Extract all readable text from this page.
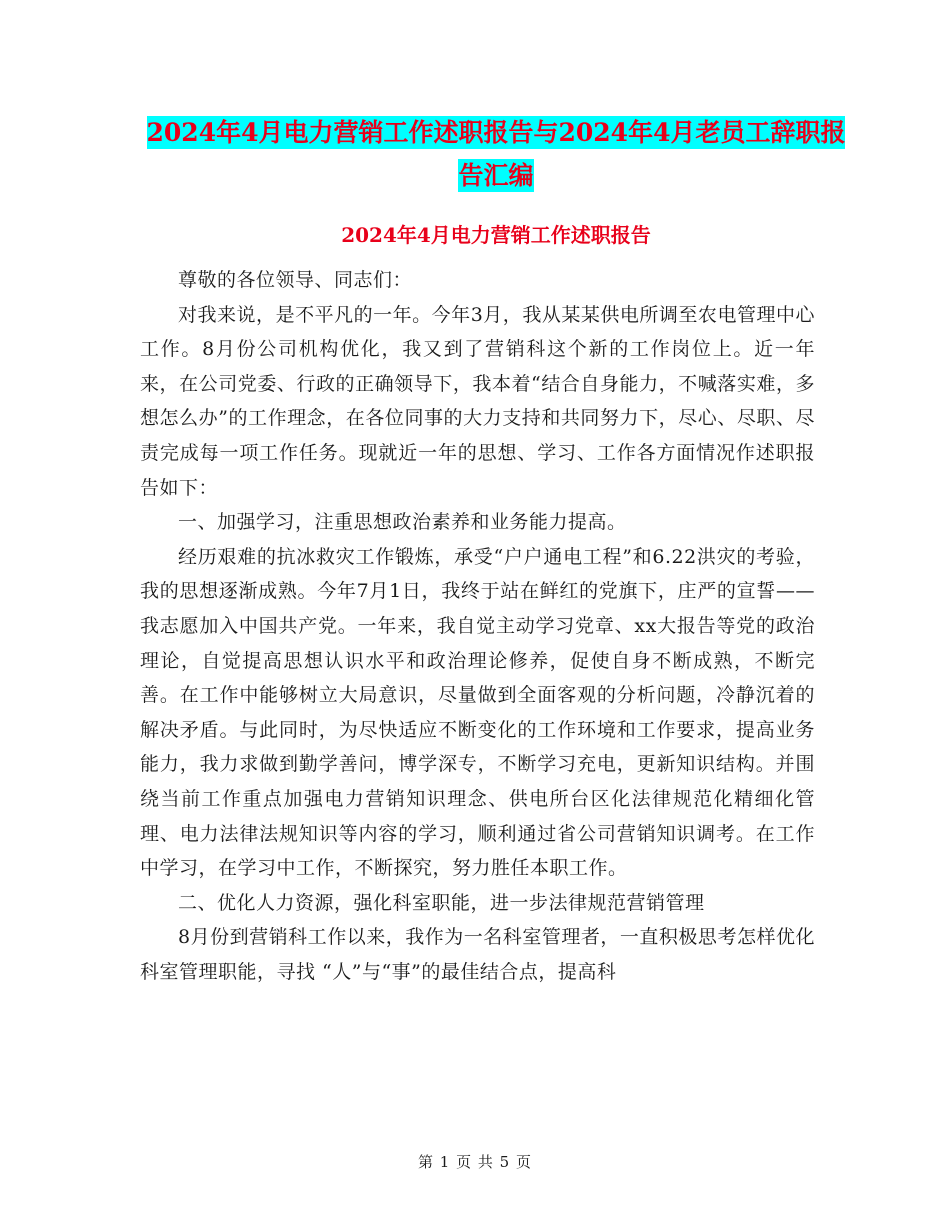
2024年4月电力营销工作述职报告与2024年4月老员工辞职报告汇编
2024年4月电力营销工作述职报告

尊敬的各位领导、同志们：

对我来说，是不平凡的一年。今年3月，我从某某供电所调至农电管理中心工作。8月份公司机构优化，我又到了营销科这个新的工作岗位上。近一年来，在公司党委、行政的正确领导下，我本着“结合自身能力，不喊落实难，多想怎么办”的工作理念，在各位同事的大力支持和共同努力下，尽心、尽职、尽责完成每一项工作任务。现就近一年的思想、学习、工作各方面情况作述职报告如下：

一、加强学习，注重思想政治素养和业务能力提高。

经历艰难的抗冰救灾工作锻炼，承受“户户通电工程”和6.22洪灾的考验，我的思想逐渐成熟。今年7月1日，我终于站在鲜红的党旗下，庄严的宣誓——我志愿加入中国共产党。一年来，我自觉主动学习党章、xx大报告等党的政治理论，自觉提高思想认识水平和政治理论修养，促使自身不断成熟，不断完善。在工作中能够树立大局意识，尽量做到全面客观的分析问题，冷静沉着的解决矛盾。与此同时，为尽快适应不断变化的工作环境和工作要求，提高业务能力，我力求做到勤学善问，博学深专，不断学习充电，更新知识结构。并围绕当前工作重点加强电力营销知识理念、供电所台区化法律规范化精细化管理、电力法律法规知识等内容的学习，顺利通过省公司营销知识调考。在工作中学习，在学习中工作，不断探究，努力胜任本职工作。

二、优化人力资源，强化科室职能，进一步法律规范营销管理

8月份到营销科工作以来，我作为一名科室管理者，一直积极思考怎样优化科室管理职能，寻找 “人”与“事”的最佳结合点，提高科

第 1 页 共 5 页
